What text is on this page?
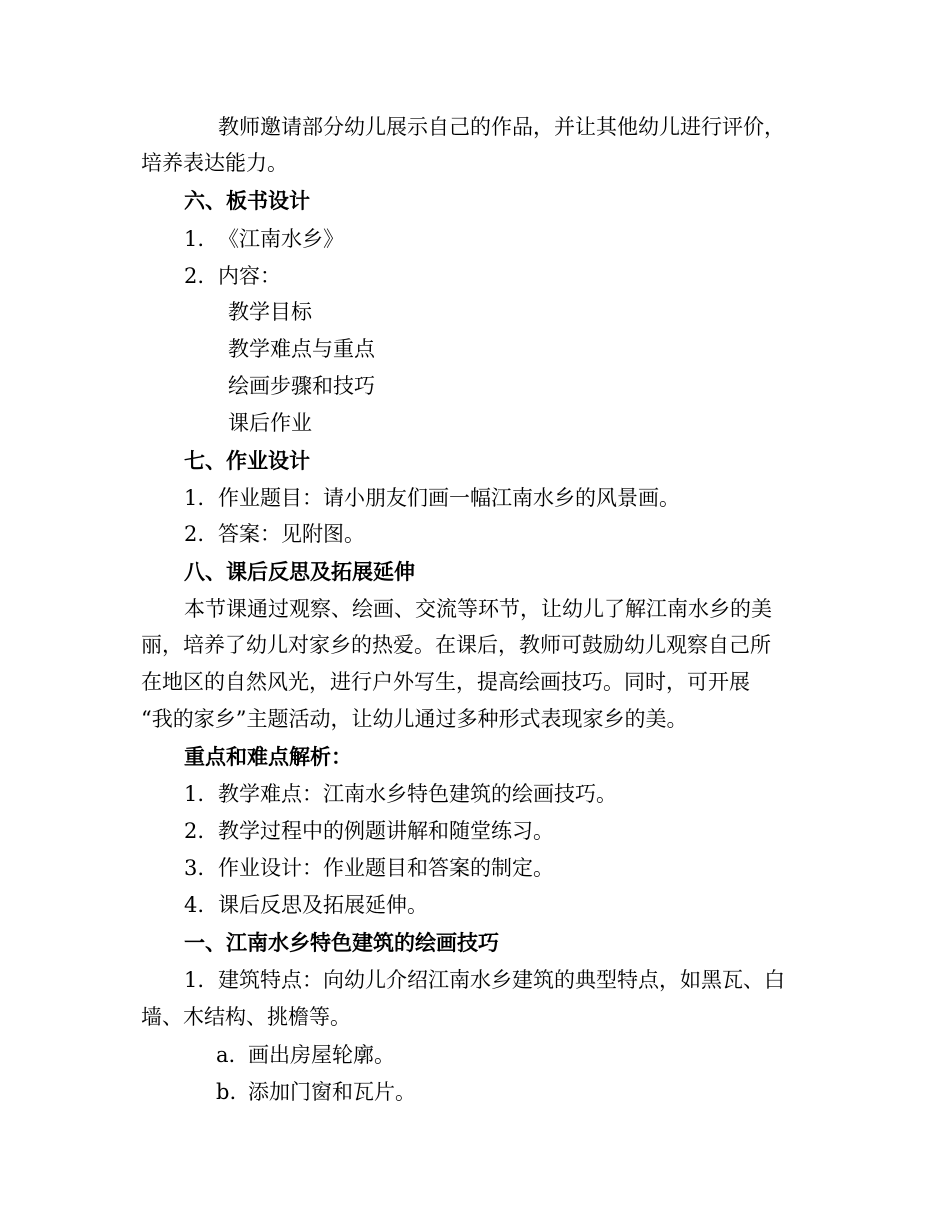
教师邀请部分幼儿展示自己的作品，并让其他幼儿进行评价，
培养表达能力。
六、板书设计
1. 《江南水乡》
2. 内容：
教学目标
教学难点与重点
绘画步骤和技巧
课后作业
七、作业设计
1. 作业题目：请小朋友们画一幅江南水乡的风景画。
2. 答案：见附图。
八、课后反思及拓展延伸
本节课通过观察、绘画、交流等环节，让幼儿了解江南水乡的美
丽，培养了幼儿对家乡的热爱。在课后，教师可鼓励幼儿观察自己所
在地区的自然风光，进行户外写生，提高绘画技巧。同时，可开展
“我的家乡”主题活动，让幼儿通过多种形式表现家乡的美。
重点和难点解析：
1. 教学难点：江南水乡特色建筑的绘画技巧。
2. 教学过程中的例题讲解和随堂练习。
3. 作业设计：作业题目和答案的制定。
4. 课后反思及拓展延伸。
一、江南水乡特色建筑的绘画技巧
1. 建筑特点：向幼儿介绍江南水乡建筑的典型特点，如黑瓦、白
墙、木结构、挑檐等。
a. 画出房屋轮廓。
b. 添加门窗和瓦片。
